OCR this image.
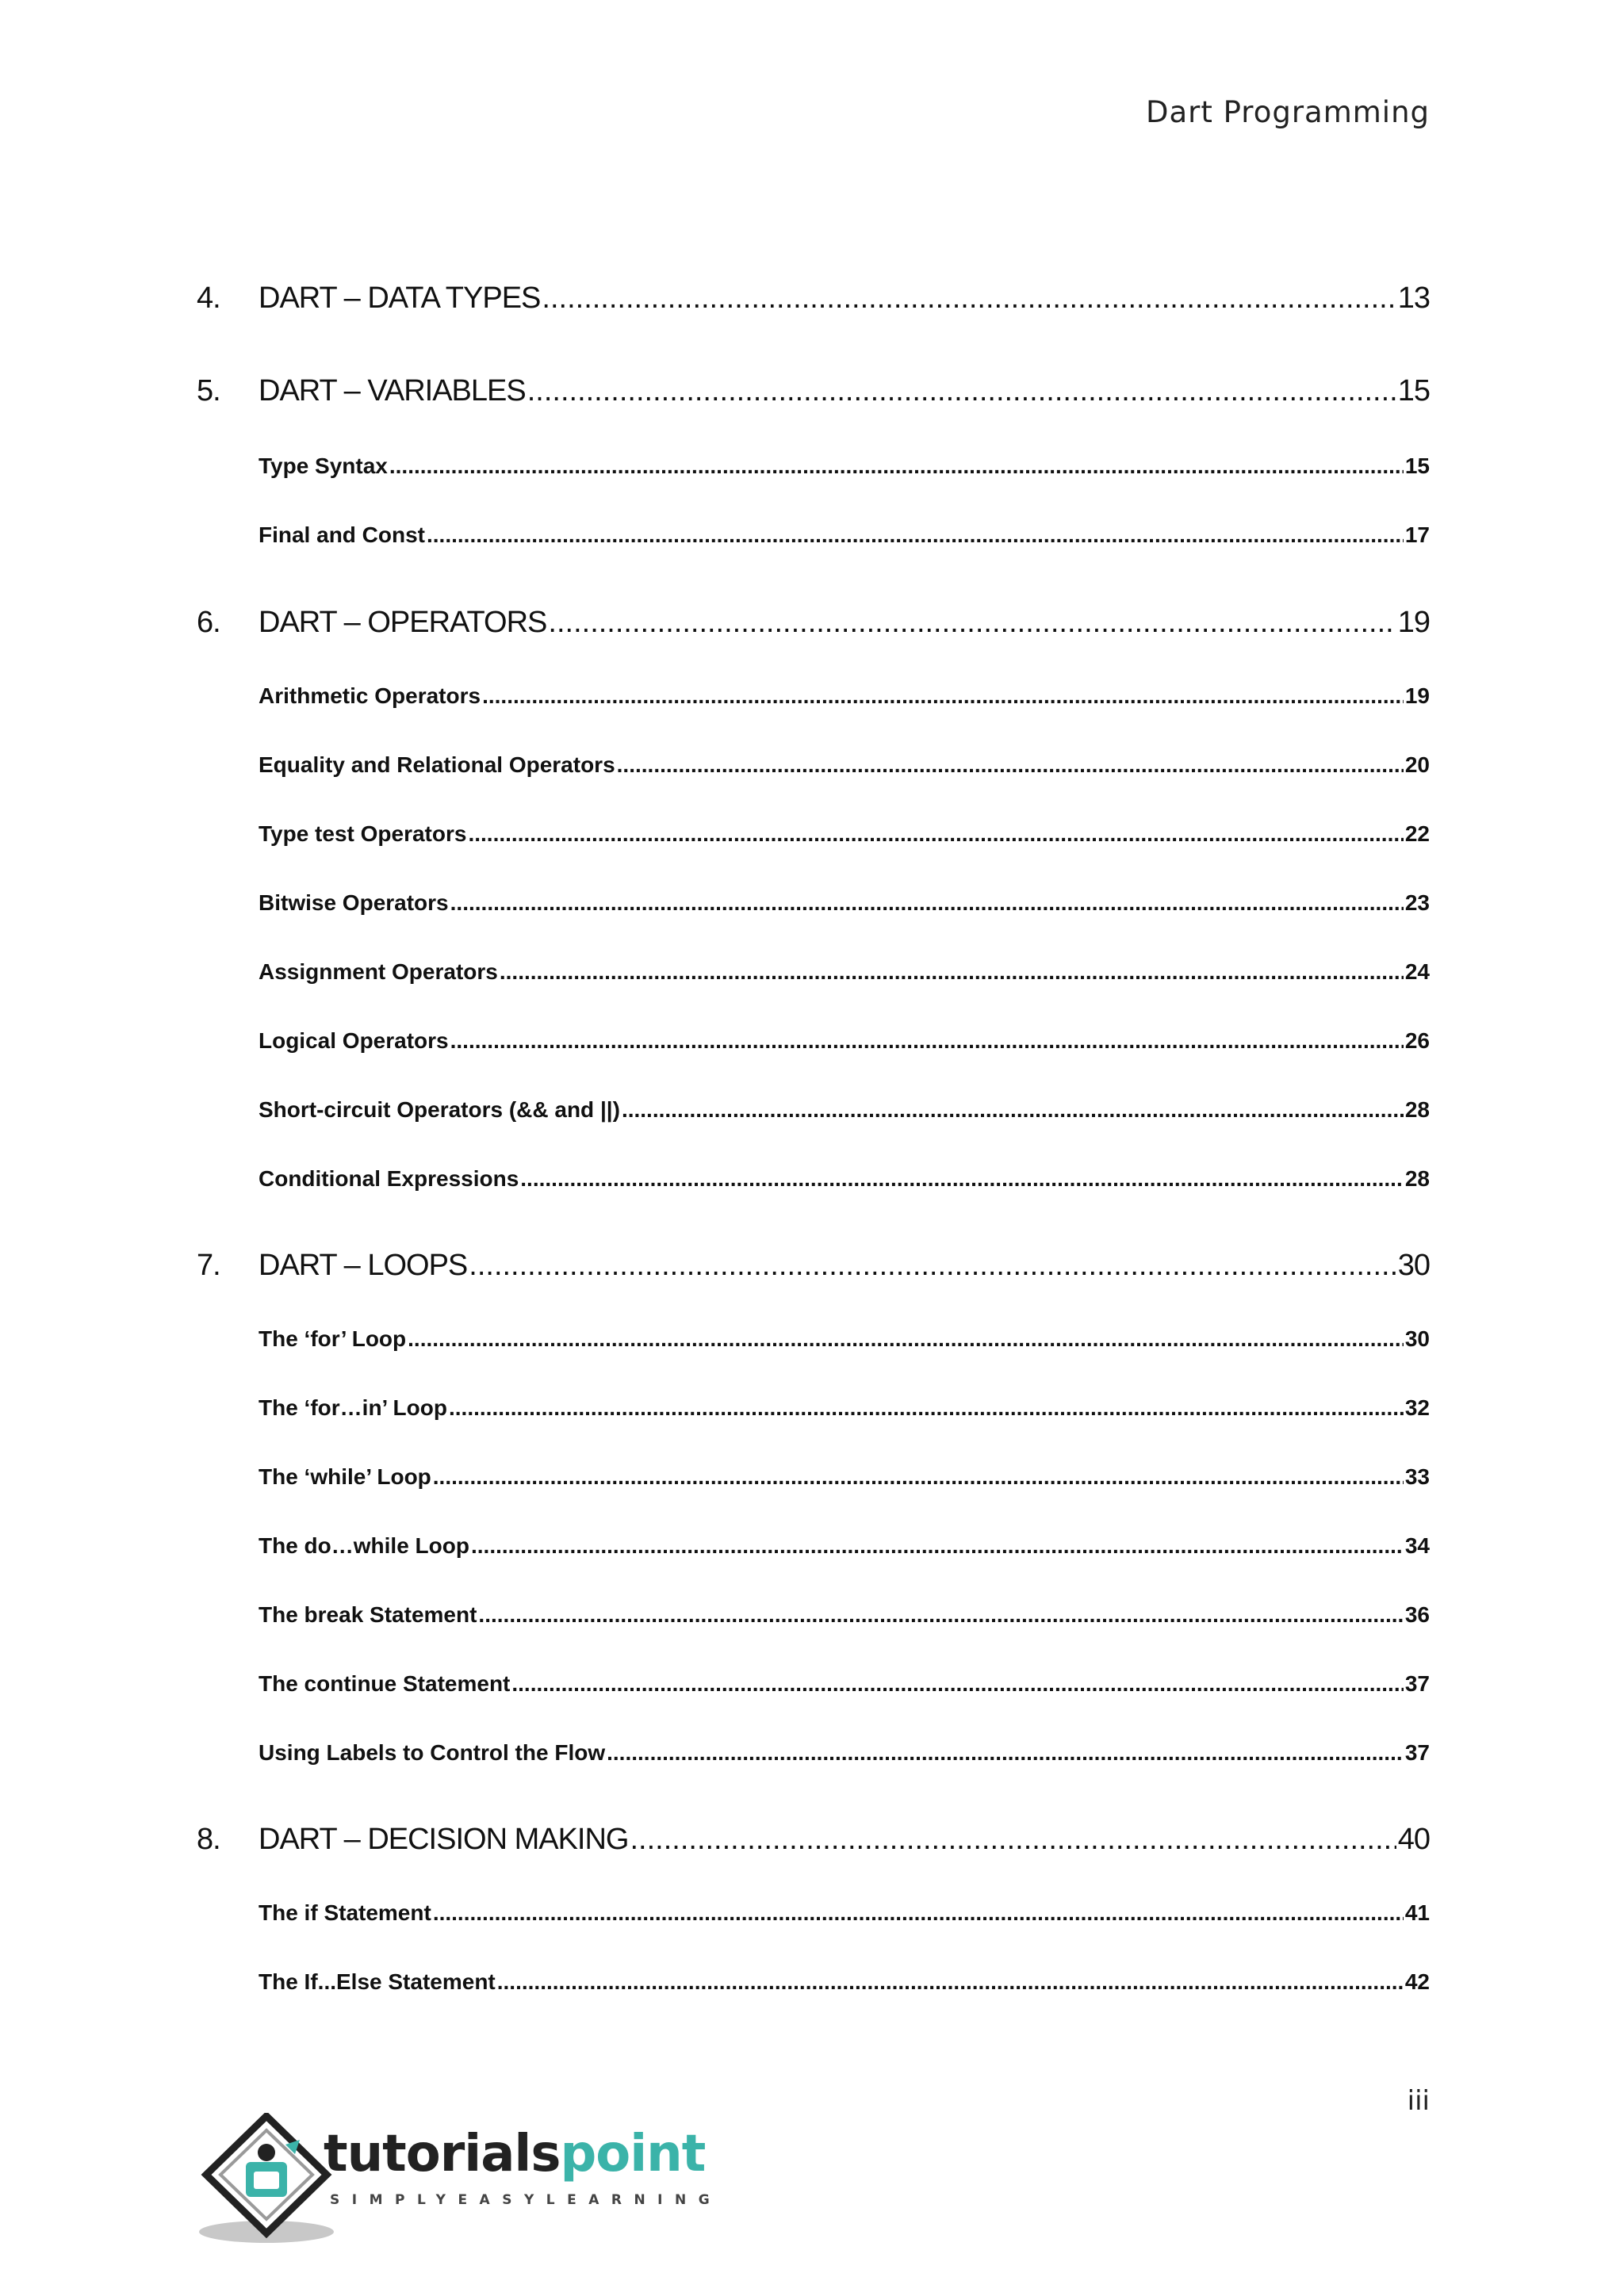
Dart Programming
4.	DART – DATA TYPES .....	13
5.	DART – VARIABLES .....	15
Type Syntax .....	15
Final and Const .....	17
6.	DART – OPERATORS .....	19
Arithmetic Operators .....	19
Equality and Relational Operators .....	20
Type test Operators .....	22
Bitwise Operators .....	23
Assignment Operators .....	24
Logical Operators .....	26
Short-circuit Operators (&& and ||) .....	28
Conditional Expressions .....	28
7.	DART – LOOPS .....	30
The ‘for’ Loop .....	30
The ‘for…in’ Loop .....	32
The ‘while’ Loop .....	33
The do…while Loop .....	34
The break Statement .....	36
The continue Statement .....	37
Using Labels to Control the Flow .....	37
8.	DART – DECISION MAKING .....	40
The if Statement .....	41
The If...Else Statement .....	42
iii
tutorialspoint
SIMPLYEASYLEARNING
